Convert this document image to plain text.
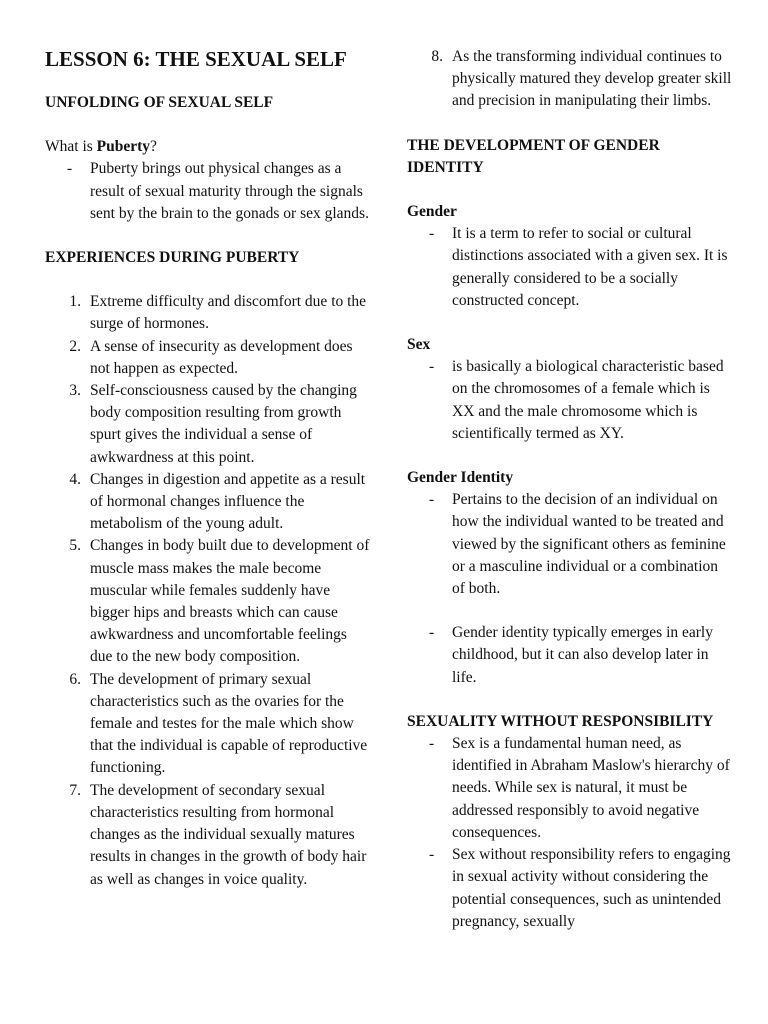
LESSON 6: THE SEXUAL SELF
UNFOLDING OF SEXUAL SELF
What is Puberty?
- Puberty brings out physical changes as a result of sexual maturity through the signals sent by the brain to the gonads or sex glands.
EXPERIENCES DURING PUBERTY
1. Extreme difficulty and discomfort due to the surge of hormones.
2. A sense of insecurity as development does not happen as expected.
3. Self-consciousness caused by the changing body composition resulting from growth spurt gives the individual a sense of awkwardness at this point.
4. Changes in digestion and appetite as a result of hormonal changes influence the metabolism of the young adult.
5. Changes in body built due to development of muscle mass makes the male become muscular while females suddenly have bigger hips and breasts which can cause awkwardness and uncomfortable feelings due to the new body composition.
6. The development of primary sexual characteristics such as the ovaries for the female and testes for the male which show that the individual is capable of reproductive functioning.
7. The development of secondary sexual characteristics resulting from hormonal changes as the individual sexually matures results in changes in the growth of body hair as well as changes in voice quality.
8. As the transforming individual continues to physically matured they develop greater skill and precision in manipulating their limbs.
THE DEVELOPMENT OF GENDER IDENTITY
Gender
- It is a term to refer to social or cultural distinctions associated with a given sex. It is generally considered to be a socially constructed concept.
Sex
- is basically a biological characteristic based on the chromosomes of a female which is XX and the male chromosome which is scientifically termed as XY.
Gender Identity
- Pertains to the decision of an individual on how the individual wanted to be treated and viewed by the significant others as feminine or a masculine individual or a combination of both.
- Gender identity typically emerges in early childhood, but it can also develop later in life.
SEXUALITY WITHOUT RESPONSIBILITY
- Sex is a fundamental human need, as identified in Abraham Maslow's hierarchy of needs. While sex is natural, it must be addressed responsibly to avoid negative consequences.
- Sex without responsibility refers to engaging in sexual activity without considering the potential consequences, such as unintended pregnancy, sexually
